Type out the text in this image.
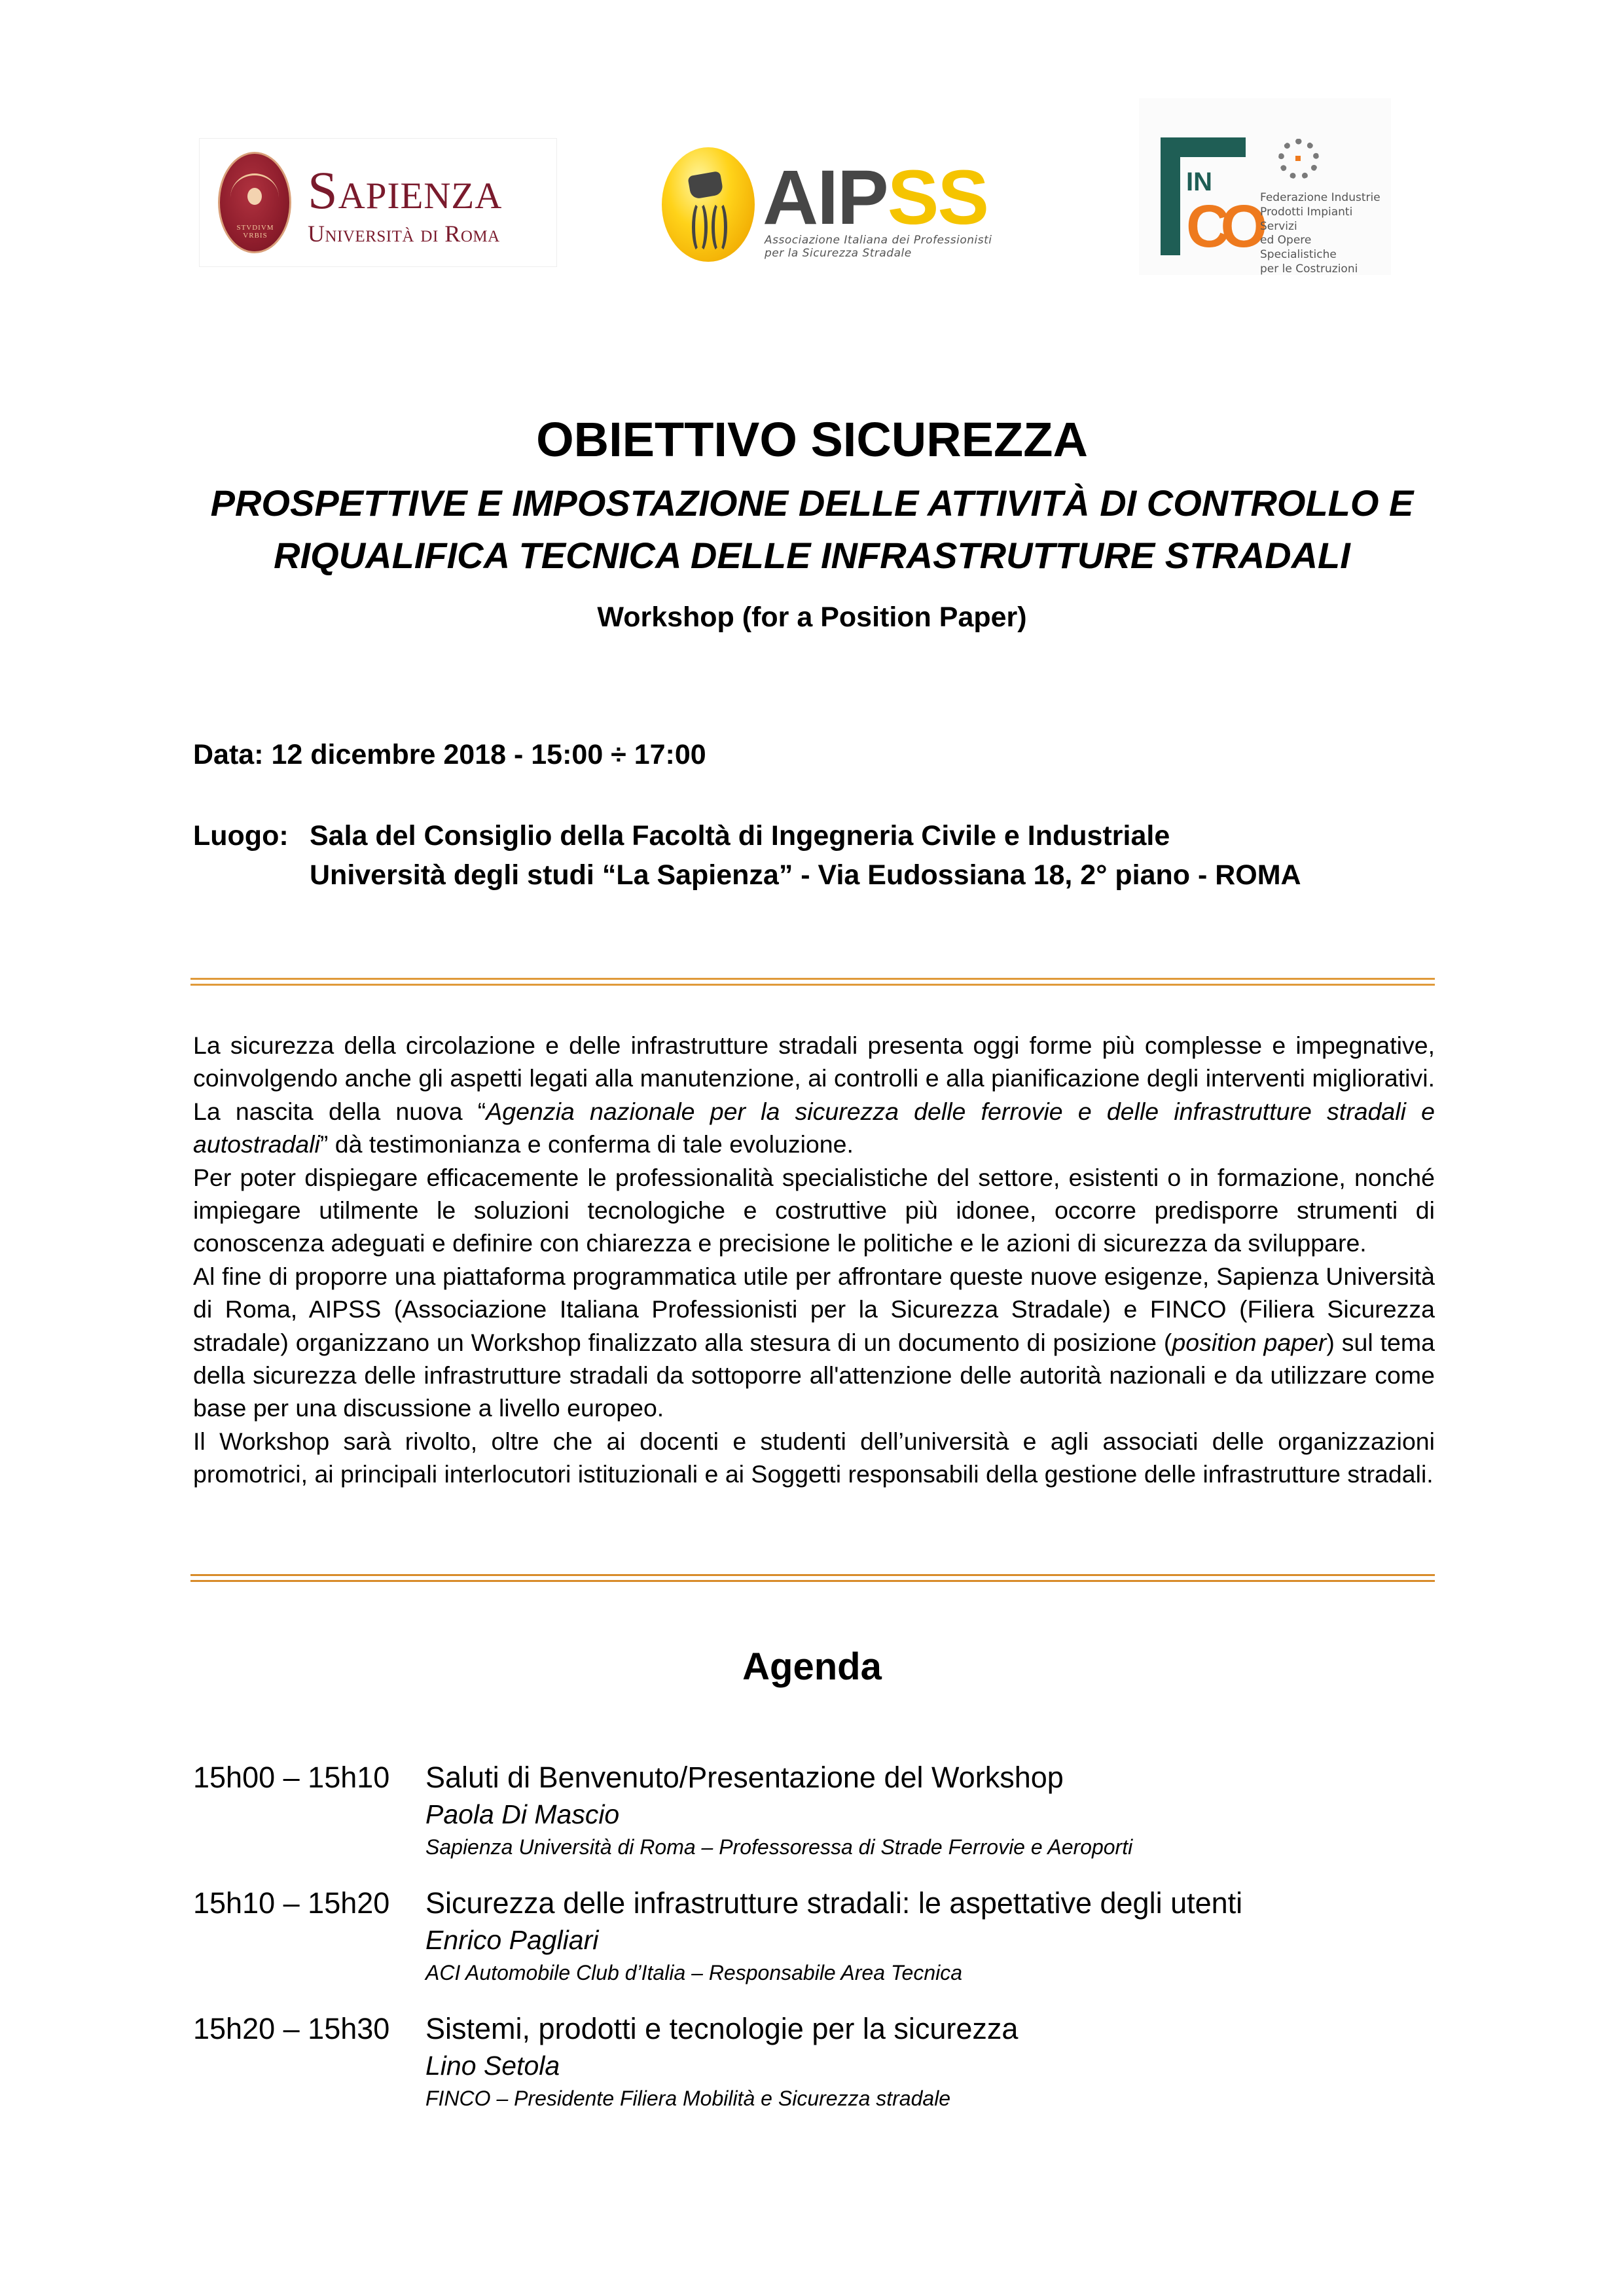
STVDIVM VRBIS
Sapienza
Università di Roma	AIPSS
Associazione Italiana dei Professionisti
per la Sicurezza Stradale
IN
CO Federazione Industrie
Prodotti Impianti Servizi
ed Opere Specialistiche
per le Costruzioni
OBIETTIVO SICUREZZA
PROSPETTIVE E IMPOSTAZIONE DELLE ATTIVITÀ DI CONTROLLO E
RIQUALIFICA TECNICA DELLE INFRASTRUTTURE STRADALI
Workshop (for a Position Paper)
Data: 12 dicembre 2018 - 15:00 ÷ 17:00
Luogo: Sala del Consiglio della Facoltà di Ingegneria Civile e Industriale
Università degli studi “La Sapienza” - Via Eudossiana 18, 2° piano - ROMA

La sicurezza della circolazione e delle infrastrutture stradali presenta oggi forme più complesse e impegnative, coinvolgendo anche gli aspetti legati alla manutenzione, ai controlli e alla pianificazione degli interventi migliorativi. La nascita della nuova “Agenzia nazionale per la sicurezza delle ferrovie e delle infrastrutture stradali e autostradali” dà testimonianza e conferma di tale evoluzione.

Per poter dispiegare efficacemente le professionalità specialistiche del settore, esistenti o in formazione, nonché impiegare utilmente le soluzioni tecnologiche e costruttive più idonee, occorre predisporre strumenti di conoscenza adeguati e definire con chiarezza e precisione le politiche e le azioni di sicurezza da sviluppare.

Al fine di proporre una piattaforma programmatica utile per affrontare queste nuove esigenze, Sapienza Università di Roma, AIPSS (Associazione Italiana Professionisti per la Sicurezza Stradale) e FINCO (Filiera Sicurezza stradale) organizzano un Workshop finalizzato alla stesura di un documento di posizione (position paper) sul tema della sicurezza delle infrastrutture stradali da sottoporre all'attenzione delle autorità nazionali e da utilizzare come base per una discussione a livello europeo.

Il Workshop sarà rivolto, oltre che ai docenti e studenti dell’università e agli associati delle organizzazioni promotrici, ai principali interlocutori istituzionali e ai Soggetti responsabili della gestione delle infrastrutture stradali.

Agenda
15h00 – 15h10 Saluti di Benvenuto/Presentazione del Workshop
Paola Di Mascio
Sapienza Università di Roma – Professoressa di Strade Ferrovie e Aeroporti
15h10 – 15h20 Sicurezza delle infrastrutture stradali: le aspettative degli utenti
Enrico Pagliari
ACI Automobile Club d’Italia – Responsabile Area Tecnica
15h20 – 15h30 Sistemi, prodotti e tecnologie per la sicurezza
Lino Setola
FINCO – Presidente Filiera Mobilità e Sicurezza stradale
